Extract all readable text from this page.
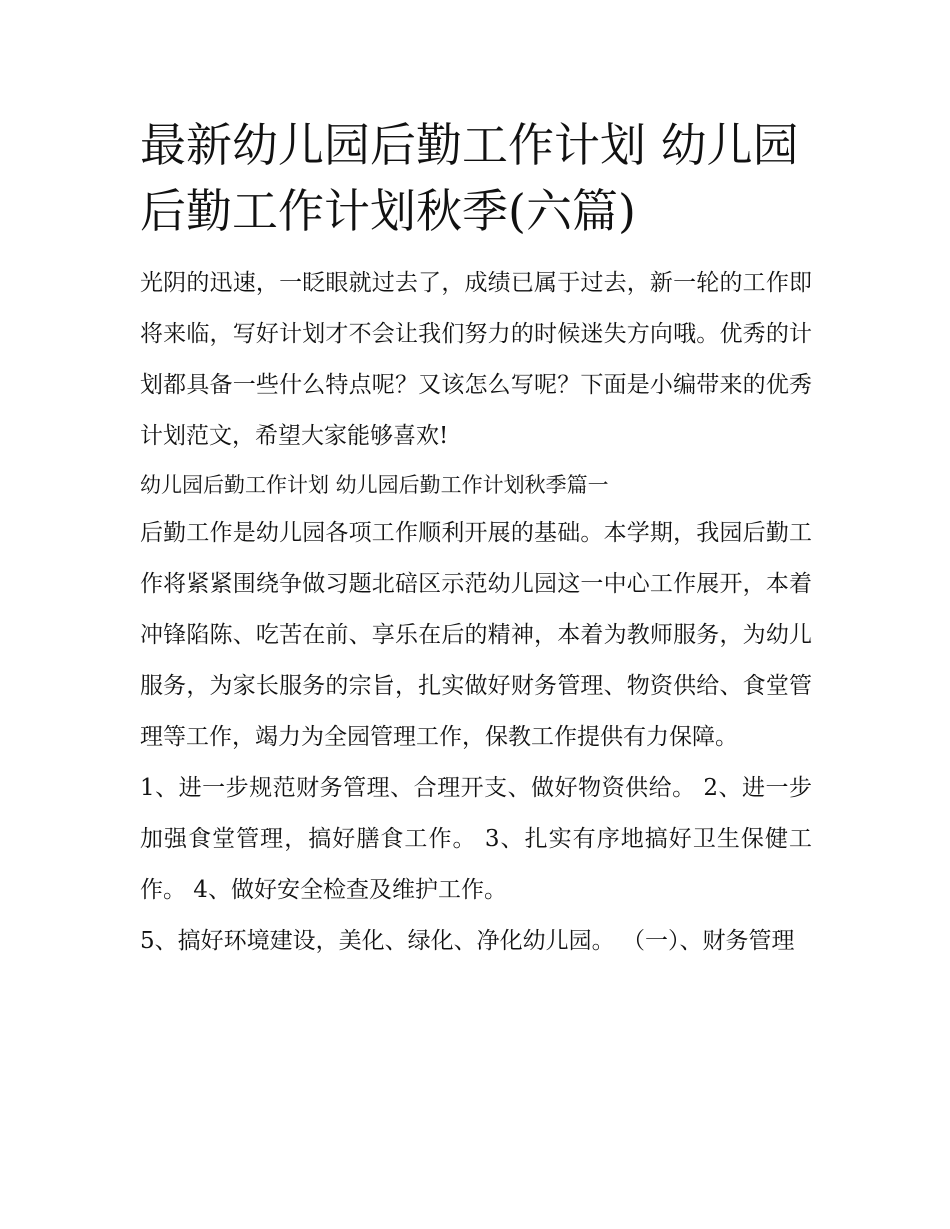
最新幼儿园后勤工作计划 幼儿园后勤工作计划秋季(六篇)

光阴的迅速，一眨眼就过去了，成绩已属于过去，新一轮的工作即将来临，写好计划才不会让我们努力的时候迷失方向哦。优秀的计划都具备一些什么特点呢？又该怎么写呢？下面是小编带来的优秀计划范文，希望大家能够喜欢!

幼儿园后勤工作计划 幼儿园后勤工作计划秋季篇一

后勤工作是幼儿园各项工作顺利开展的基础。本学期，我园后勤工作将紧紧围绕争做习题北碚区示范幼儿园这一中心工作展开，本着冲锋陷陈、吃苦在前、享乐在后的精神，本着为教师服务，为幼儿服务，为家长服务的宗旨，扎实做好财务管理、物资供给、食堂管理等工作，竭力为全园管理工作，保教工作提供有力保障。

1、进一步规范财务管理、合理开支、做好物资供给。 2、进一步加强食堂管理，搞好膳食工作。 3、扎实有序地搞好卫生保健工作。 4、做好安全检查及维护工作。

5、搞好环境建设，美化、绿化、净化幼儿园。 （一）、财务管理
